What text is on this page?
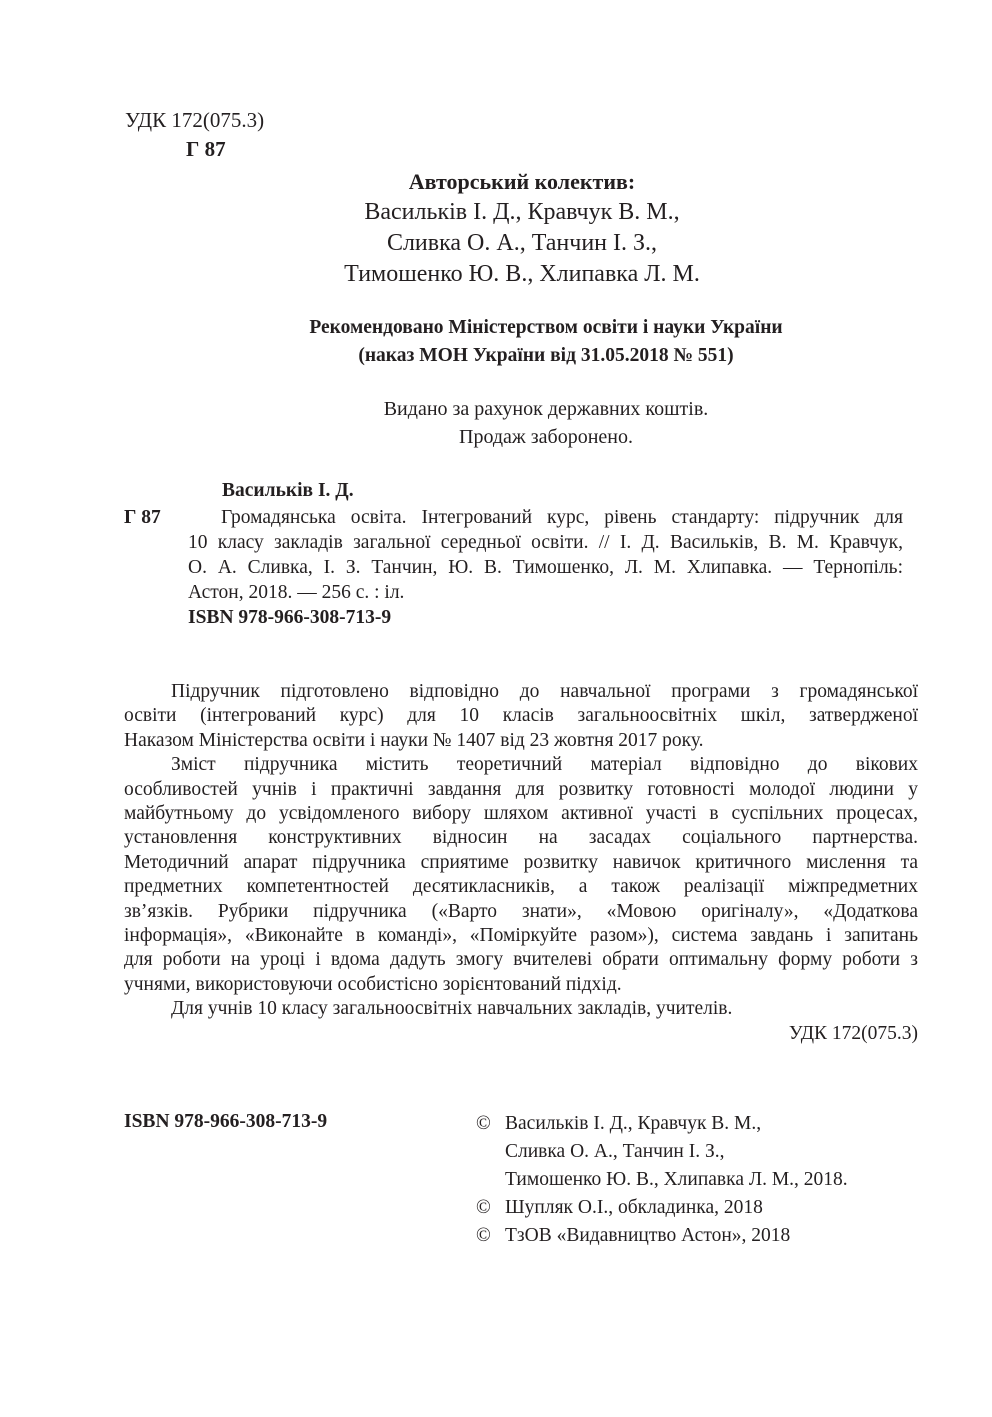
УДК 172(075.3)
Г 87
Авторський колектив:
Васильків І. Д., Кравчук В. М.,
Сливка О. А., Танчин І. З.,
Тимошенко Ю. В., Хлипавка Л. М.
Рекомендовано Міністерством освіти і науки України
(наказ МОН України від 31.05.2018 № 551)
Видано за рахунок державних коштів.
Продаж заборонено.
Васильків І. Д.
Г 87	Громадянська освіта. Інтегрований курс, рівень стандарту: підручник для
10 класу закладів загальної середньої освіти. // І. Д. Васильків, В. М. Кравчук,
О. А. Сливка, І. З. Танчин, Ю. В. Тимошенко, Л. М. Хлипавка. — Тернопіль:
Астон, 2018. — 256 с. : іл.
ISBN 978-966-308-713-9
Підручник підготовлено відповідно до навчальної програми з громадянської
освіти (інтегрований курс) для 10 класів загальноосвітніх шкіл, затвердженої
Наказом Міністерства освіти і науки № 1407 від 23 жовтня 2017 року.
Зміст підручника містить теоретичний матеріал відповідно до вікових
особливостей учнів і практичні завдання для розвитку готовності молодої людини у
майбутньому до усвідомленого вибору шляхом активної участі в суспільних процесах,
установлення конструктивних відносин на засадах соціального партнерства.
Методичний апарат підручника сприятиме розвитку навичок критичного мислення та
предметних компетентностей десятикласників, а також реалізації міжпредметних
зв’язків. Рубрики підручника («Варто знати», «Мовою оригіналу», «Додаткова
інформація», «Виконайте в команді», «Поміркуйте разом»), система завдань і запитань
для роботи на уроці і вдома дадуть змогу вчителеві обрати оптимальну форму роботи з
учнями, використовуючи особистісно зорієнтований підхід.
Для учнів 10 класу загальноосвітніх навчальних закладів, учителів.
УДК 172(075.3)
ISBN 978-966-308-713-9	© Васильків І. Д., Кравчук В. М.,
Сливка О. А., Танчин І. З.,
Тимошенко Ю. В., Хлипавка Л. М., 2018.
© Шупляк О.І., обкладинка, 2018
© ТзОВ «Видавництво Астон», 2018
